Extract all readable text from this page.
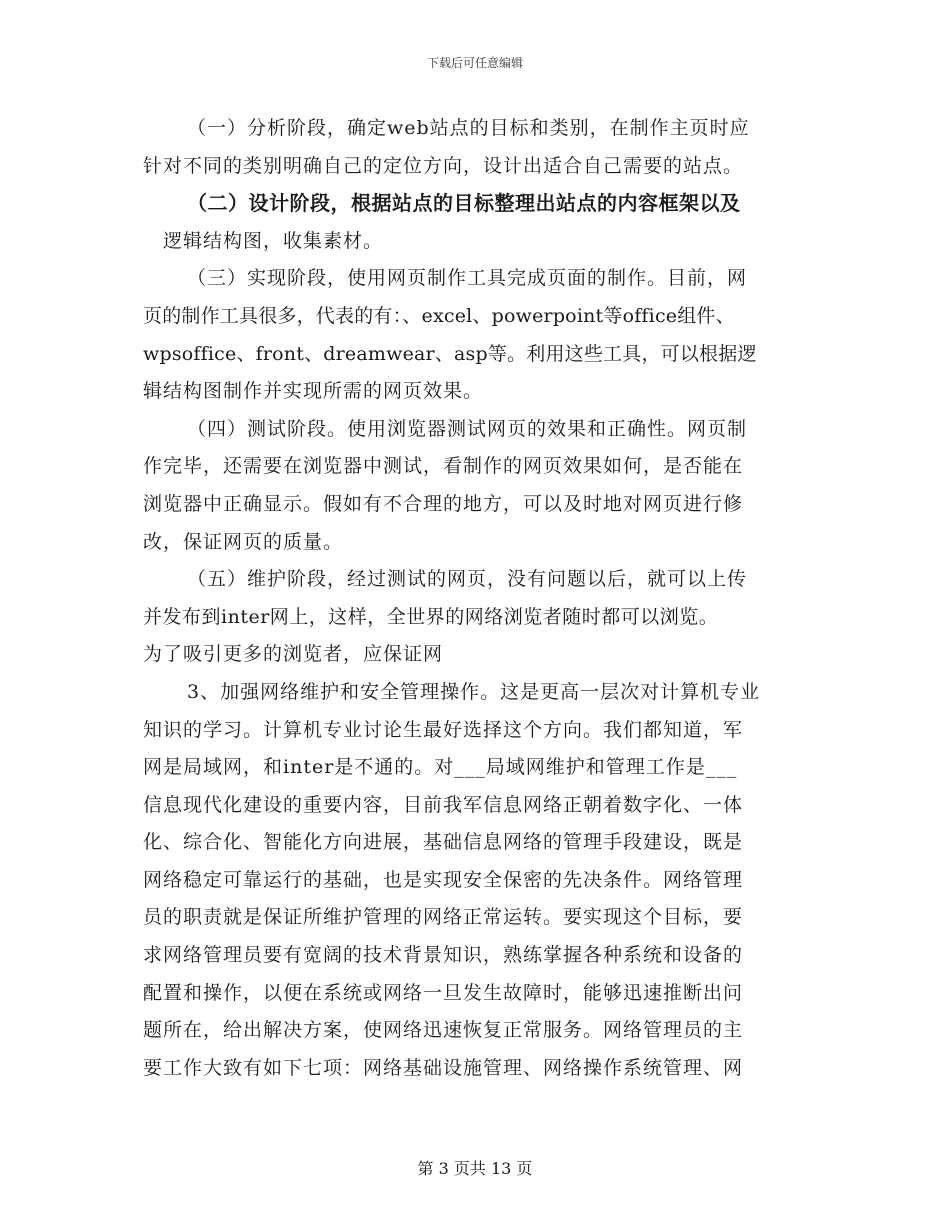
下载后可任意编辑
（一）分析阶段，确定web站点的目标和类别，在制作主页时应
针对不同的类别明确自己的定位方向，设计出适合自己需要的站点。
（二）设计阶段，根据站点的目标整理出站点的内容框架以及
逻辑结构图，收集素材。
（三）实现阶段，使用网页制作工具完成页面的制作。目前，网
页的制作工具很多，代表的有：、excel、powerpoint等office组件、
wpsoffice、front、dreamwear、asp等。利用这些工具，可以根据逻
辑结构图制作并实现所需的网页效果。
（四）测试阶段。使用浏览器测试网页的效果和正确性。网页制
作完毕，还需要在浏览器中测试，看制作的网页效果如何，是否能在
浏览器中正确显示。假如有不合理的地方，可以及时地对网页进行修
改，保证网页的质量。
（五）维护阶段，经过测试的网页，没有问题以后，就可以上传
并发布到inter网上，这样，全世界的网络浏览者随时都可以浏览。
为了吸引更多的浏览者，应保证网
3、加强网络维护和安全管理操作。这是更高一层次对计算机专业
知识的学习。计算机专业讨论生最好选择这个方向。我们都知道，军
网是局域网，和inter是不通的。对___局域网维护和管理工作是___
信息现代化建设的重要内容，目前我军信息网络正朝着数字化、一体
化、综合化、智能化方向进展，基础信息网络的管理手段建设，既是
网络稳定可靠运行的基础，也是实现安全保密的先决条件。网络管理
员的职责就是保证所维护管理的网络正常运转。要实现这个目标，要
求网络管理员要有宽阔的技术背景知识，熟练掌握各种系统和设备的
配置和操作，以便在系统或网络一旦发生故障时，能够迅速推断出问
题所在，给出解决方案，使网络迅速恢复正常服务。网络管理员的主
要工作大致有如下七项：网络基础设施管理、网络操作系统管理、网
第 3 页共 13 页
